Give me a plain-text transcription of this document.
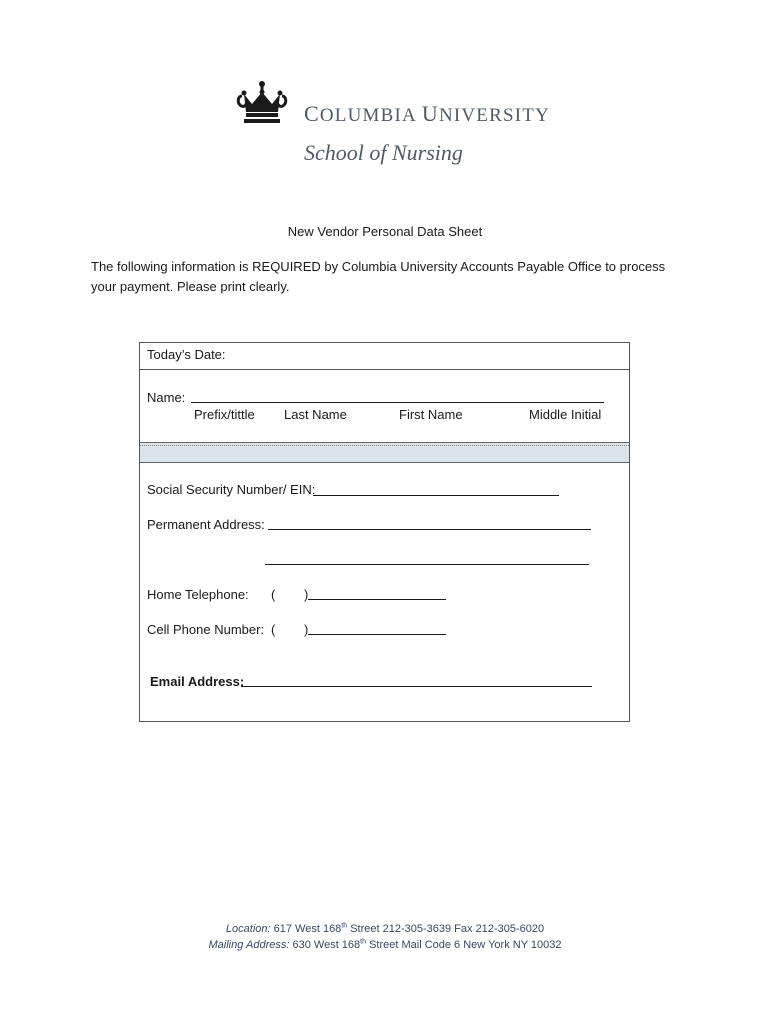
COLUMBIA UNIVERSITY
School of Nursing
New Vendor Personal Data Sheet
The following information is REQUIRED by Columbia University Accounts Payable Office to process your payment. Please print clearly.
Today’s Date:
Name:
Prefix/tittle Last Name	First Name	Middle Initial
Social Security Number/ EIN:
Permanent Address:
Home Telephone: ( )
Cell Phone Number: ( )
Email Address:
Location: 617 West 168th Street 212-305-3639 Fax 212-305-6020
Mailing Address: 630 West 168th Street Mail Code 6 New York NY 10032
